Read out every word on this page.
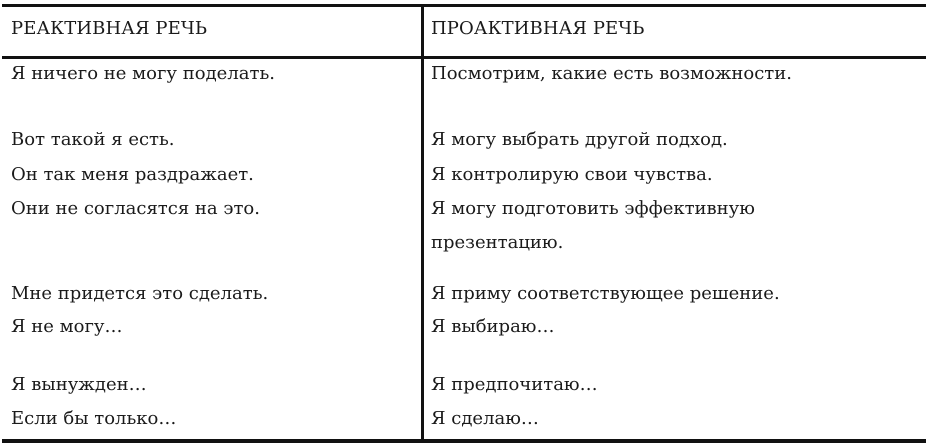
РЕАКТИВНАЯ РЕЧЬ	ПРОАКТИВНАЯ РЕЧЬ
Я ничего не могу поделать.
Вот такой я есть.
Он так меня раздражает.
Они не согласятся на это.
Мне придется это сделать.
Я не могу…
Я вынужден…
Если бы только…
Посмотрим, какие есть возможности.
Я могу выбрать другой подход.
Я контролирую свои чувства.
Я могу подготовить эффективную
презентацию.
Я приму соответствующее решение.
Я выбираю…
Я предпочитаю…
Я сделаю…
